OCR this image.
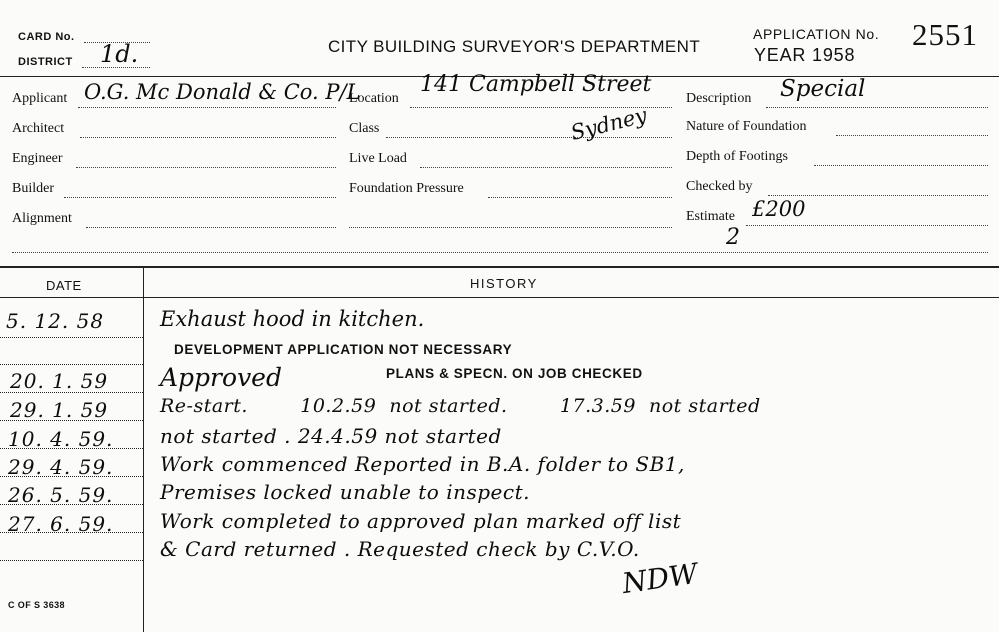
CARD No.
DISTRICT 1d.	CITY BUILDING SURVEYOR'S DEPARTMENT
APPLICATION No. 2551
YEAR 1958
Applicant O.G. Mc Donald & Co. P/L
Architect
Engineer
Builder
Alignment
Location
141 Campbell Street
Sydney
Class
Live Load
Foundation Pressure
Description Special
Nature of Foundation
Depth of Footings
Checked by
Estimate £200
2
DATE	HISTORY
5. 12. 58	Exhaust hood in kitchen.
DEVELOPMENT APPLICATION NOT NECESSARY
20. 1. 59 Approved	PLANS & SPECN. ON JOB CHECKED
29. 1. 59	Re-start.        10.2.59  not started.        17.3.59  not started
10. 4. 59. not started . 24.4.59 not started
29. 4. 59. Work commenced Reported in B.A. folder to SB1,
26. 5. 59. Premises locked unable to inspect.
27. 6. 59. Work completed to approved plan marked off list
& Card returned . Requested check by C.V.O.
NDW
C OF S 3638
